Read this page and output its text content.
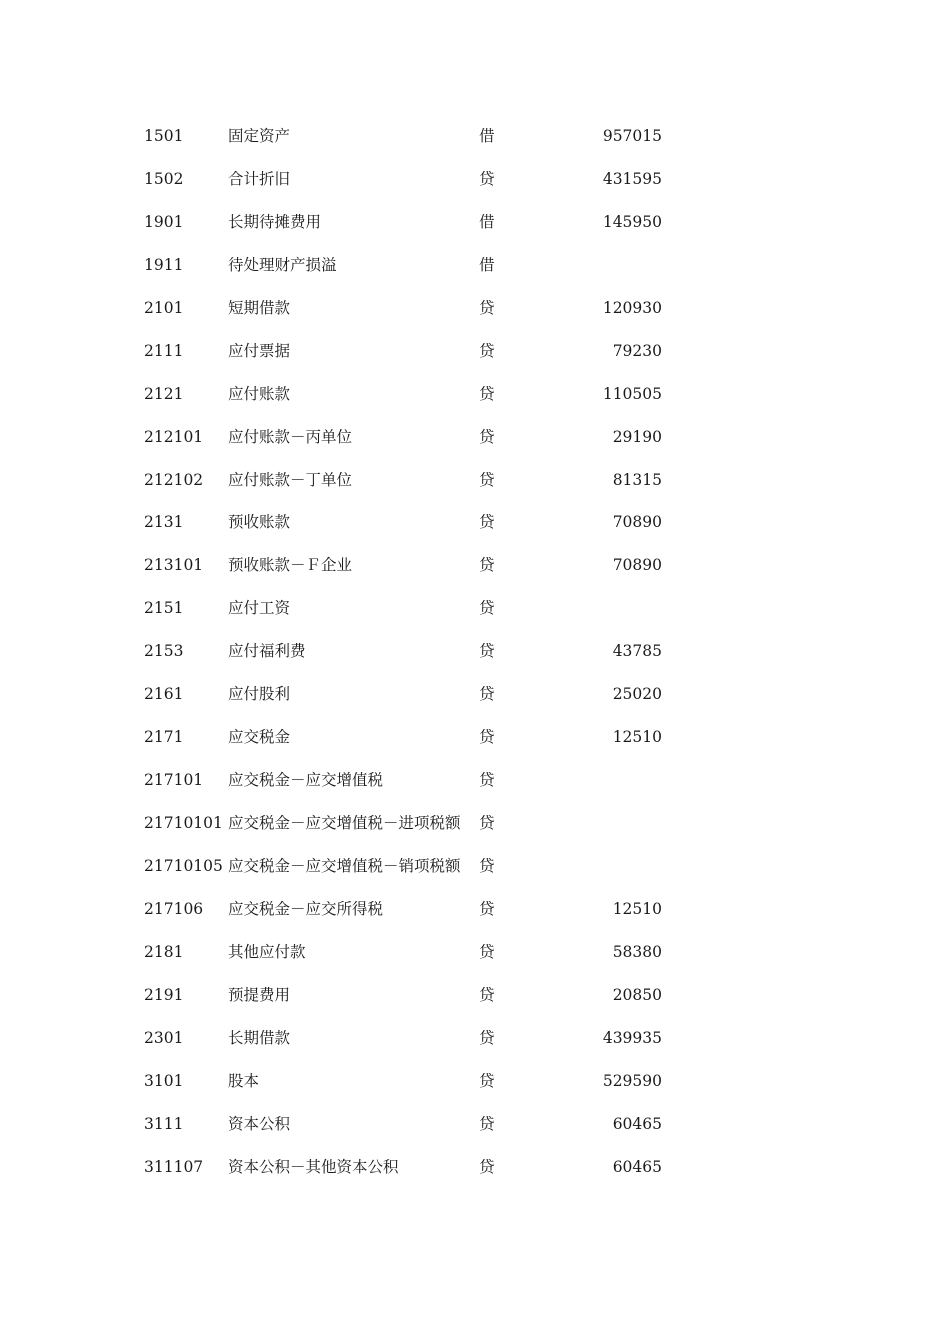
1501	固定资产	借	957015
1502	合计折旧	贷	431595
1901	长期待摊费用	借	145950
1911	待处理财产损溢	借
2101	短期借款	贷	120930
2111	应付票据	贷	79230
2121	应付账款	贷	110505
212101 应付账款－丙单位	贷	29190
212102 应付账款－丁单位	贷	81315
2131	预收账款	贷	70890
213101 预收账款－Ｆ企业	贷	70890
2151	应付工资	贷
2153	应付福利费	贷	43785
2161	应付股利	贷	25020
2171	应交税金	贷	12510
217101 应交税金－应交增值税	贷
21710101 应交税金－应交增值税－进项税额 贷
21710105 应交税金－应交增值税－销项税额 贷
217106 应交税金－应交所得税	贷	12510
2181	其他应付款	贷	58380
2191	预提费用	贷	20850
2301	长期借款	贷	439935
3101	股本	贷	529590
3111	资本公积	贷	60465
311107 资本公积－其他资本公积	贷	60465
